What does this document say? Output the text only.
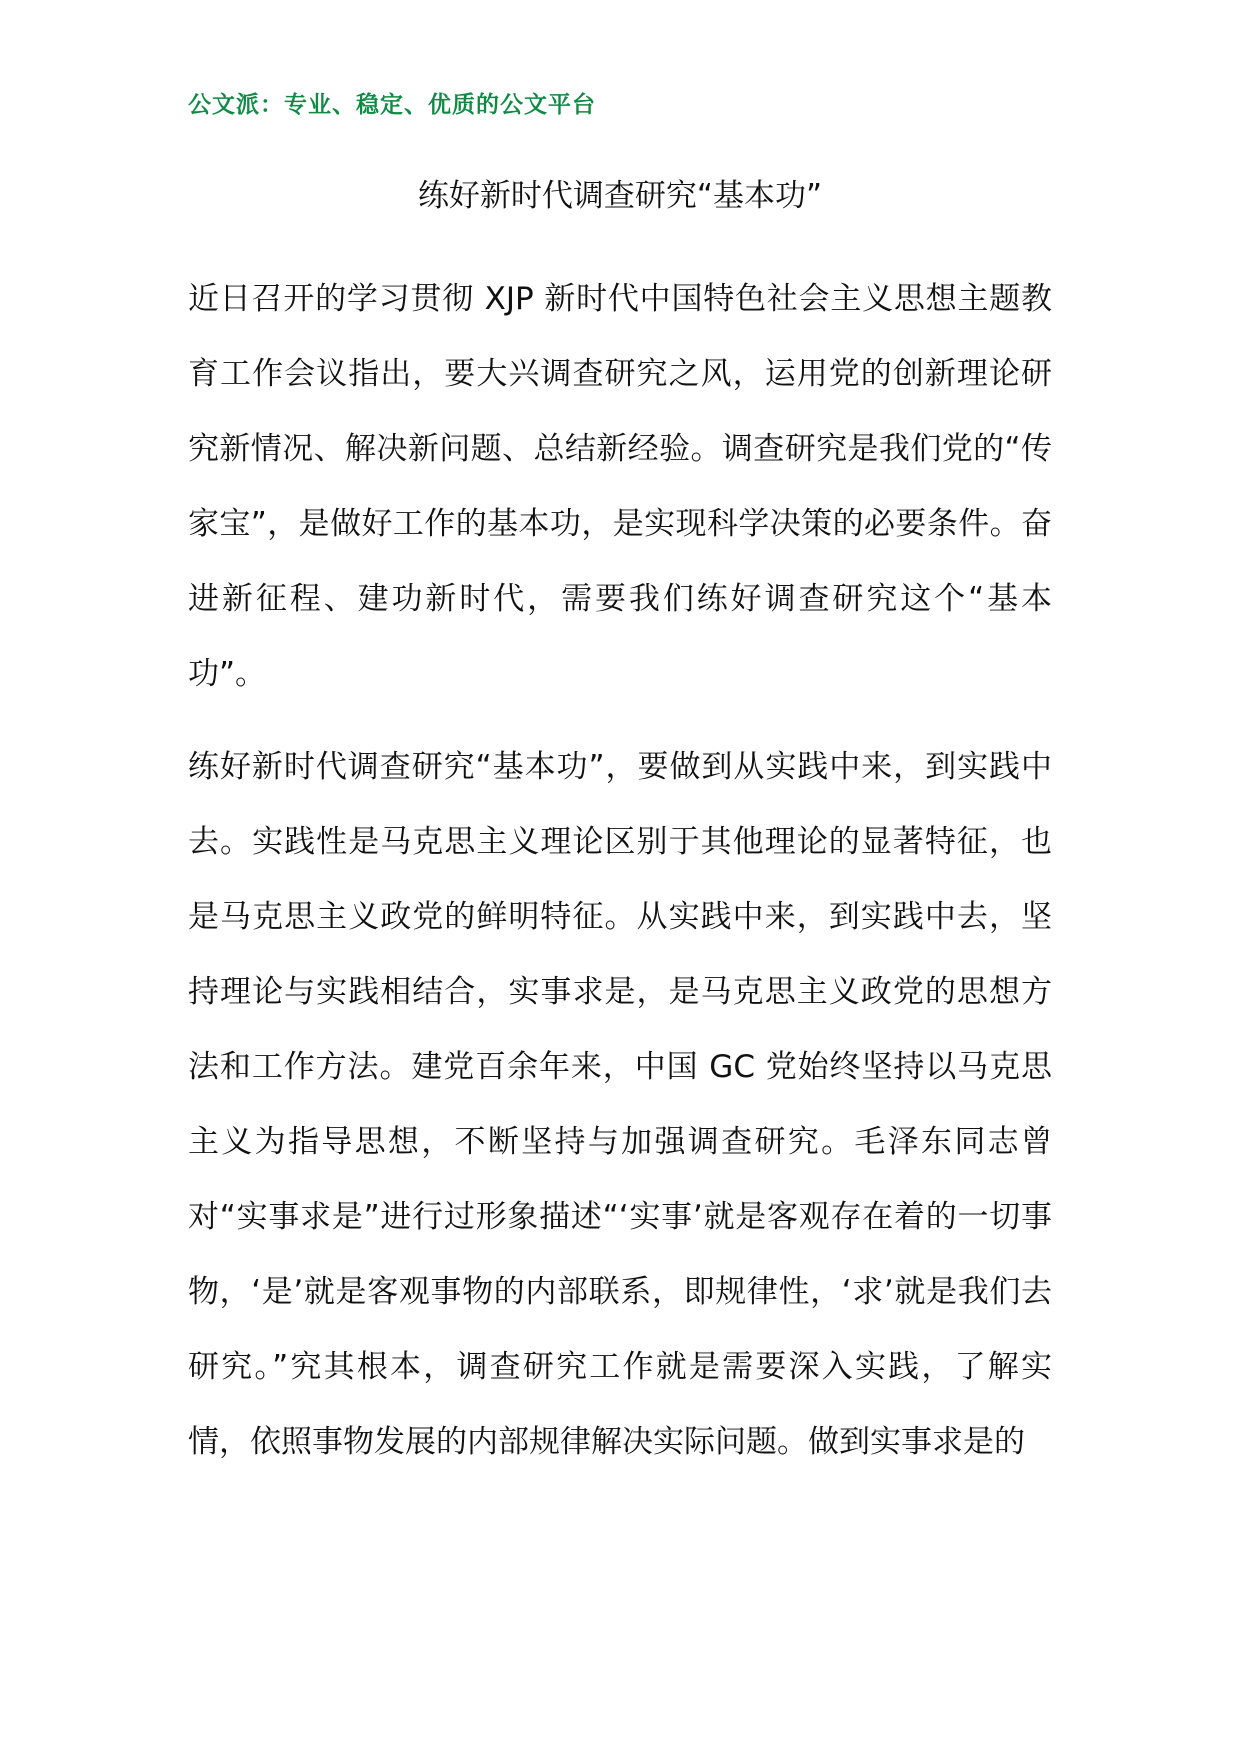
公文派：专业、稳定、优质的公文平台
练好新时代调查研究“基本功”

近日召开的学习贯彻 XJP 新时代中国特色社会主义思想主题教育工作会议指出，要大兴调查研究之风，运用党的创新理论研究新情况、解决新问题、总结新经验。调查研究是我们党的“传家宝”，是做好工作的基本功，是实现科学决策的必要条件。奋进新征程、建功新时代，需要我们练好调查研究这个“基本功”。

练好新时代调查研究“基本功”，要做到从实践中来，到实践中去。实践性是马克思主义理论区别于其他理论的显著特征，也是马克思主义政党的鲜明特征。从实践中来，到实践中去，坚持理论与实践相结合，实事求是，是马克思主义政党的思想方法和工作方法。建党百余年来，中国 GC 党始终坚持以马克思主义为指导思想，不断坚持与加强调查研究。毛泽东同志曾对“实事求是”进行过形象描述“‘实事’就是客观存在着的一切事物，‘是’就是客观事物的内部联系，即规律性，‘求’就是我们去研究。”究其根本，调查研究工作就是需要深入实践，了解实情，依照事物发展的内部规律解决实际问题。做到实事求是的
